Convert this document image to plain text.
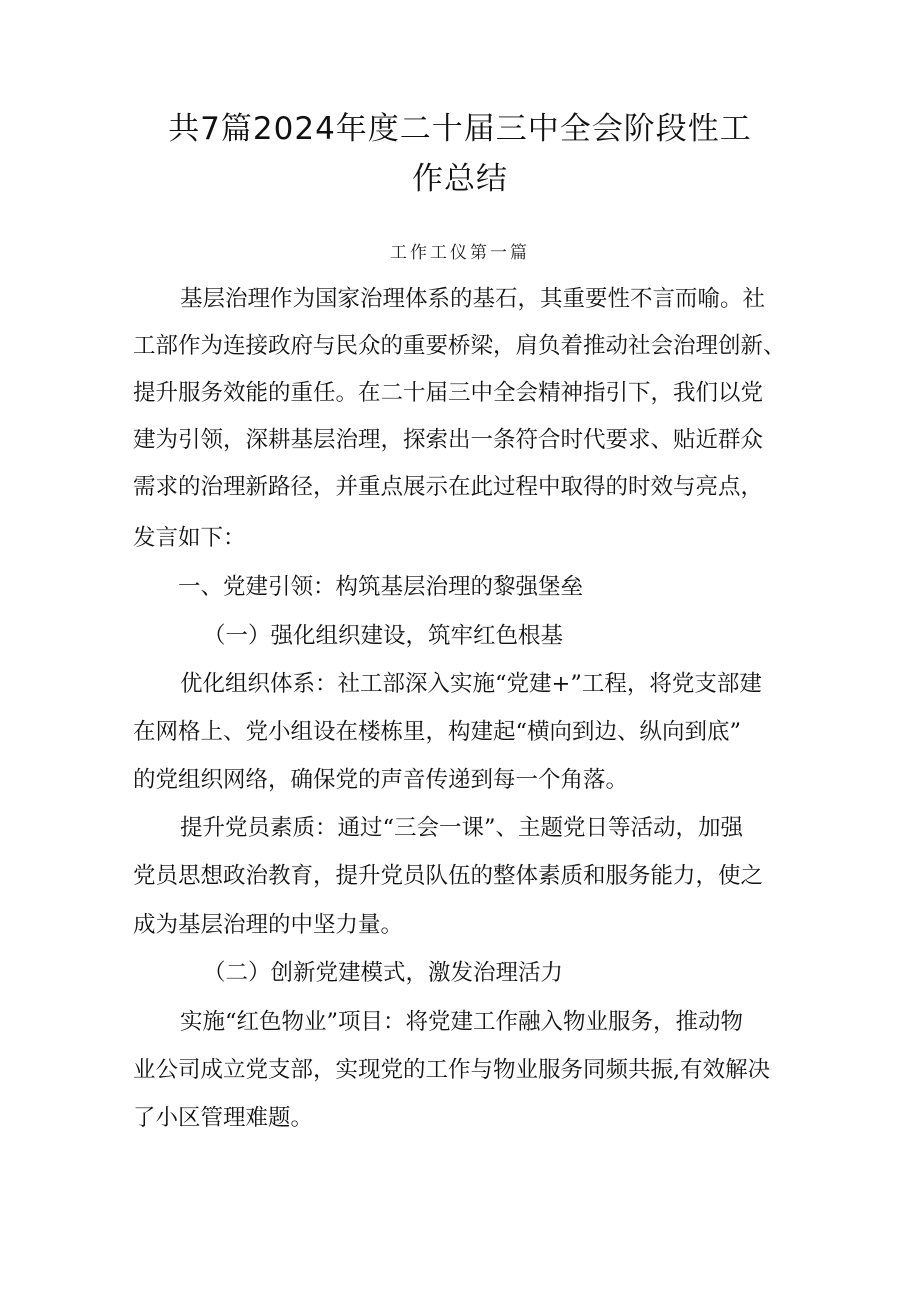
共7篇2024年度二十届三中全会阶段性工
作总结
工作工仪第一篇
基层治理作为国家治理体系的基石，其重要性不言而喻。社
工部作为连接政府与民众的重要桥梁，肩负着推动社会治理创新、
提升服务效能的重任。在二十届三中全会精神指引下，我们以党
建为引领，深耕基层治理，探索出一条符合时代要求、贴近群众
需求的治理新路径，并重点展示在此过程中取得的时效与亮点，
发言如下：
一、党建引领：构筑基层治理的黎强堡垒
（一）强化组织建设，筑牢红色根基
优化组织体系：社工部深入实施“党建+”工程，将党支部建
在网格上、党小组设在楼栋里，构建起“横向到边、纵向到底”
的党组织网络，确保党的声音传递到每一个角落。
提升党员素质：通过“三会一课”、主题党日等活动，加强
党员思想政治教育，提升党员队伍的整体素质和服务能力，使之
成为基层治理的中坚力量。
（二）创新党建模式，激发治理活力
实施“红色物业”项目：将党建工作融入物业服务，推动物
业公司成立党支部，实现党的工作与物业服务同频共振,有效解决
了小区管理难题。
